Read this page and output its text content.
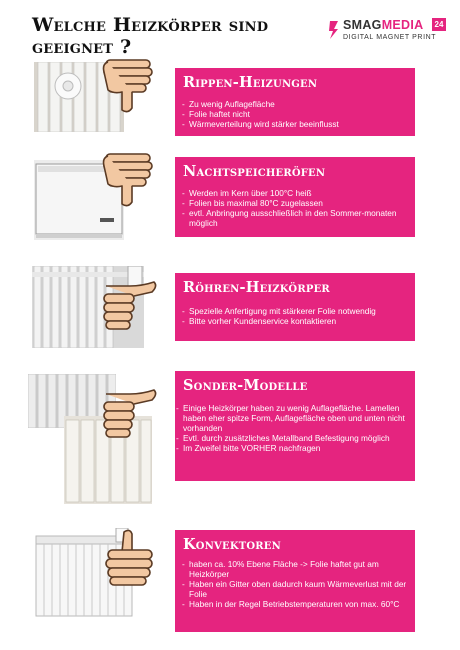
Welche Heizkörper sind geeignet ?
SMAGMEDIA	24
DIGITAL MAGNET PRINT
Rippen-Heizungen
- Zu wenig Auflagefläche
- Folie haftet nicht
- Wärmeverteilung wird stärker beeinflusst
Nachtspeicheröfen
- Werden im Kern über 100°C heiß
- Folien bis maximal 80°C zugelassen
- evtl. Anbringung ausschließlich in den Sommer-monaten möglich
Röhren-Heizkörper
- Spezielle Anfertigung mit stärkerer Folie notwendig
- Bitte vorher Kundenservice kontaktieren
Sonder-Modelle
- Einige Heizkörper haben zu wenig Auflagefläche. Lamellen haben eher spitze Form, Auflagefläche oben und unten nicht vorhanden
- Evtl. durch zusätzliches Metallband Befestigung möglich
- Im Zweifel bitte VORHER nachfragen
Konvektoren
- haben ca. 10% Ebene Fläche -> Folie haftet gut am Heizkörper
- Haben ein Gitter oben dadurch kaum Wärmeverlust mit der Folie
- Haben in der Regel Betriebstemperaturen von max. 60°C
